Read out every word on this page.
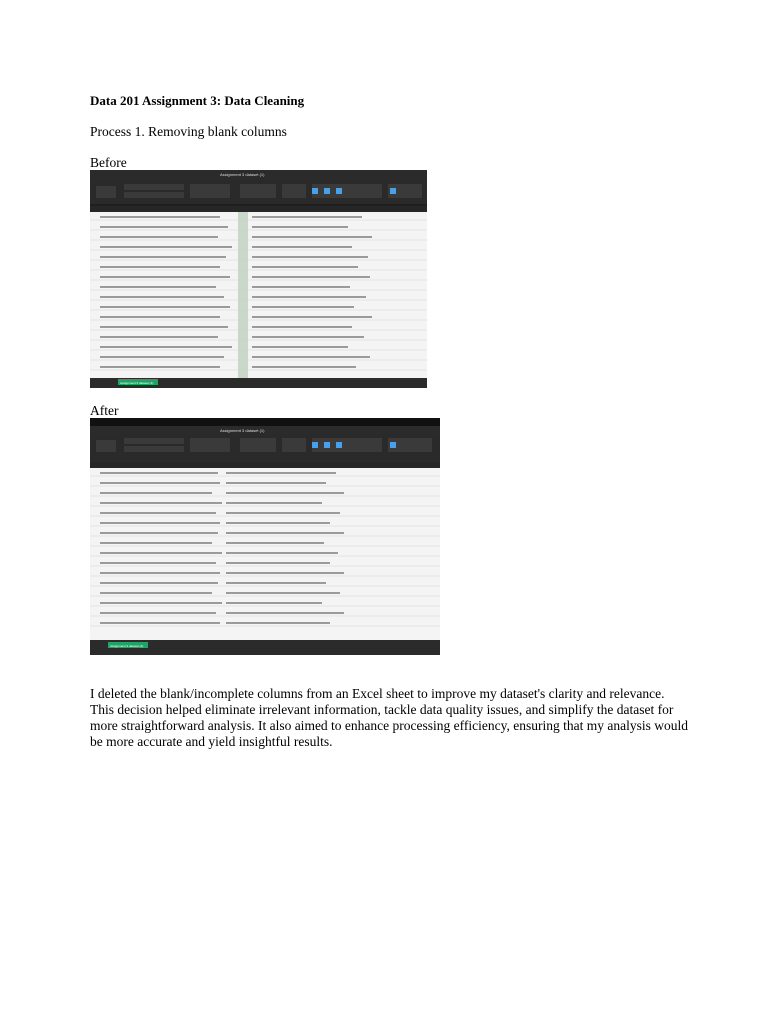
Data 201 Assignment 3: Data Cleaning
Process 1. Removing blank columns
Before
Assignment 3 dataset (1)
Assignment 3 dataset (1)
After
Assignment 3 dataset (1)
Assignment 3 dataset (1)
I deleted the blank/incomplete columns from an Excel sheet to improve my dataset's clarity and relevance.
This decision helped eliminate irrelevant information, tackle data quality issues, and simplify the dataset for
more straightforward analysis. It also aimed to enhance processing efficiency, ensuring that my analysis would
be more accurate and yield insightful results.
